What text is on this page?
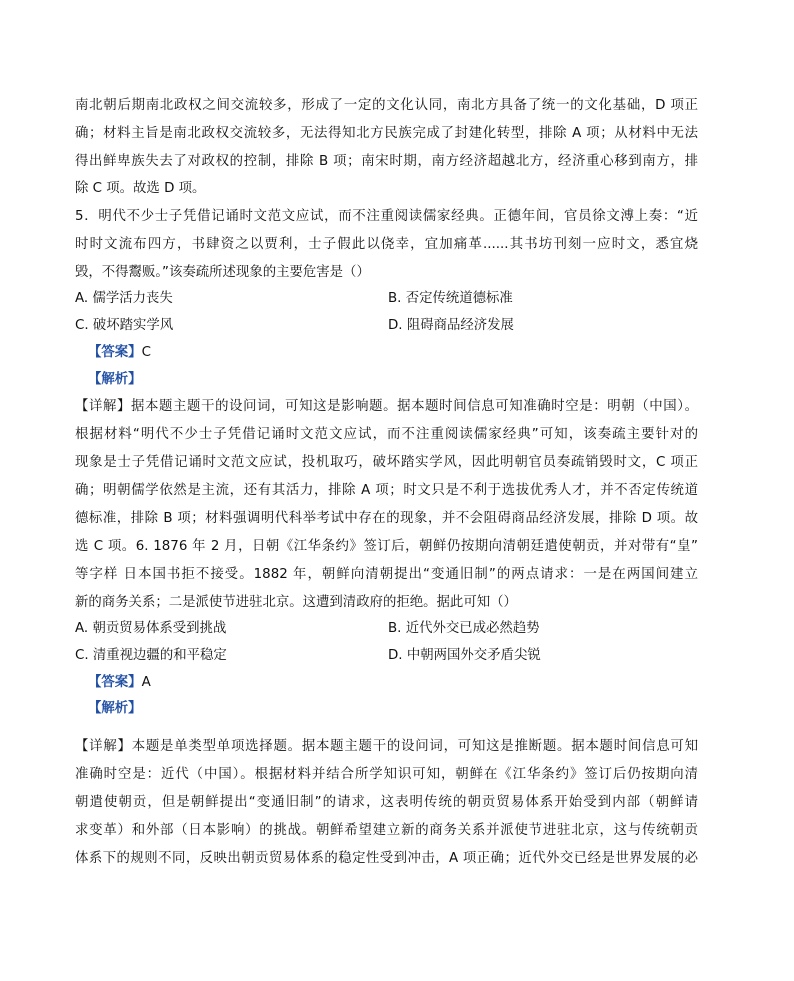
南北朝后期南北政权之间交流较多，形成了一定的文化认同，南北方具备了统一的文化基础，D 项正
确；材料主旨是南北政权交流较多，无法得知北方民族完成了封建化转型，排除 A 项；从材料中无法
得出鲜卑族失去了对政权的控制，排除 B 项；南宋时期，南方经济超越北方，经济重心移到南方，排
除 C 项。故选 D 项。
5．明代不少士子凭借记诵时文范文应试，而不注重阅读儒家经典。正德年间，官员徐文溥上奏：“近
时时文流布四方，书肆资之以贾利，士子假此以侥幸，宜加痛革......其书坊刊刻一应时文，悉宜烧
毁，不得鬻贩。”该奏疏所述现象的主要危害是（）
A. 儒学活力丧失	B. 否定传统道德标准
C. 破坏踏实学风	D. 阻碍商品经济发展
【答案】C
【解析】
【详解】据本题主题干的设问词，可知这是影响题。据本题时间信息可知准确时空是：明朝（中国）。
根据材料“明代不少士子凭借记诵时文范文应试，而不注重阅读儒家经典”可知，该奏疏主要针对的
现象是士子凭借记诵时文范文应试，投机取巧，破坏踏实学风，因此明朝官员奏疏销毁时文，C 项正
确；明朝儒学依然是主流，还有其活力，排除 A 项；时文只是不利于选拔优秀人才，并不否定传统道
德标准，排除 B 项；材料强调明代科举考试中存在的现象，并不会阻碍商品经济发展，排除 D 项。故
选 C 项。6. 1876 年 2 月，日朝《江华条约》签订后，朝鲜仍按期向清朝廷遣使朝贡，并对带有“皇”
等字样 日本国书拒不接受。1882 年，朝鲜向清朝提出“变通旧制”的两点请求：一是在两国间建立
新的商务关系；二是派使节进驻北京。这遭到清政府的拒绝。据此可知（）
A. 朝贡贸易体系受到挑战	B. 近代外交已成必然趋势
C. 清重视边疆的和平稳定	D. 中朝两国外交矛盾尖锐
【答案】A
【解析】
【详解】本题是单类型单项选择题。据本题主题干的设问词，可知这是推断题。据本题时间信息可知
准确时空是：近代（中国）。根据材料并结合所学知识可知，朝鲜在《江华条约》签订后仍按期向清
朝遣使朝贡，但是朝鲜提出“变通旧制”的请求，这表明传统的朝贡贸易体系开始受到内部（朝鲜请
求变革）和外部（日本影响）的挑战。朝鲜希望建立新的商务关系并派使节进驻北京，这与传统朝贡
体系下的规则不同，反映出朝贡贸易体系的稳定性受到冲击，A 项正确；近代外交已经是世界发展的必
